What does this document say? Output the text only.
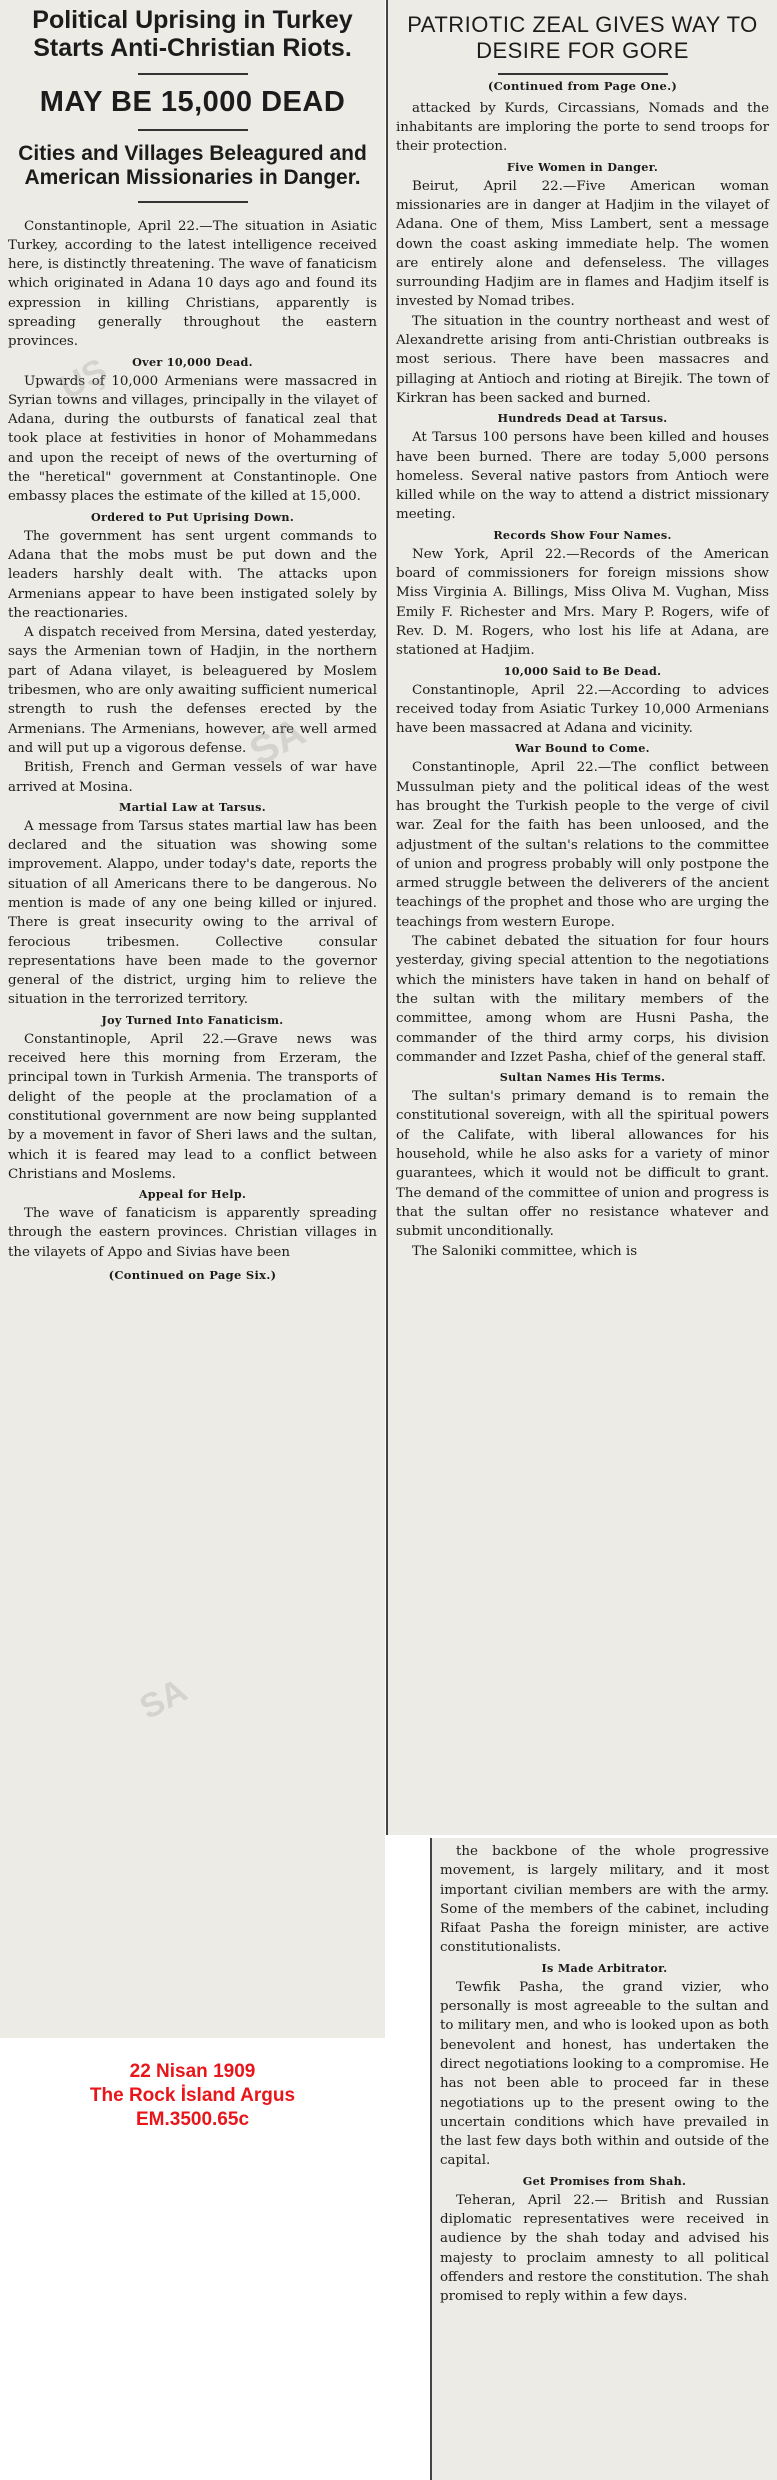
Political Uprising in Turkey Starts Anti-Christian Riots.
MAY BE 15,000 DEAD
Cities and Villages Beleagured and American Missionaries in Danger.

Constantinople, April 22.—The situation in Asiatic Turkey, according to the latest intelligence received here, is distinctly threatening. The wave of fanaticism which originated in Adana 10 days ago and found its expression in killing Christians, apparently is spreading generally throughout the eastern provinces.

Over 10,000 Dead.

Upwards of 10,000 Armenians were massacred in Syrian towns and villages, principally in the vilayet of Adana, during the outbursts of fanatical zeal that took place at festivities in honor of Mohammedans and upon the receipt of news of the overturning of the "heretical" government at Constantinople. One embassy places the estimate of the killed at 15,000.

Ordered to Put Uprising Down.

The government has sent urgent commands to Adana that the mobs must be put down and the leaders harshly dealt with. The attacks upon Armenians appear to have been instigated solely by the reactionaries.

A dispatch received from Mersina, dated yesterday, says the Armenian town of Hadjin, in the northern part of Adana vilayet, is beleaguered by Moslem tribesmen, who are only awaiting sufficient numerical strength to rush the defenses erected by the Armenians. The Armenians, however, are well armed and will put up a vigorous defense.

British, French and German vessels of war have arrived at Mosina.

Martial Law at Tarsus.

A message from Tarsus states martial law has been declared and the situation was showing some improvement. Alappo, under today's date, reports the situation of all Americans there to be dangerous. No mention is made of any one being killed or injured. There is great insecurity owing to the arrival of ferocious tribesmen. Collective consular representations have been made to the governor general of the district, urging him to relieve the situation in the terrorized territory.

Joy Turned Into Fanaticism.

Constantinople, April 22.—Grave news was received here this morning from Erzeram, the principal town in Turkish Armenia. The transports of delight of the people at the proclamation of a constitutional government are now being supplanted by a movement in favor of Sheri laws and the sultan, which it is feared may lead to a conflict between Christians and Moslems.

Appeal for Help.

The wave of fanaticism is apparently spreading through the eastern provinces. Christian villages in the vilayets of Appo and Sivias have been

(Continued on Page Six.)
PATRIOTIC ZEAL GIVES WAY TO DESIRE FOR GORE
(Continued from Page One.)

attacked by Kurds, Circassians, Nomads and the inhabitants are imploring the porte to send troops for their protection.

Five Women in Danger.

Beirut, April 22.—Five American woman missionaries are in danger at Hadjim in the vilayet of Adana. One of them, Miss Lambert, sent a message down the coast asking immediate help. The women are entirely alone and defenseless. The villages surrounding Hadjim are in flames and Hadjim itself is invested by Nomad tribes.

The situation in the country northeast and west of Alexandrette arising from anti-Christian outbreaks is most serious. There have been massacres and pillaging at Antioch and rioting at Birejik. The town of Kirkran has been sacked and burned.

Hundreds Dead at Tarsus.

At Tarsus 100 persons have been killed and houses have been burned. There are today 5,000 persons homeless. Several native pastors from Antioch were killed while on the way to attend a district missionary meeting.

Records Show Four Names.

New York, April 22.—Records of the American board of commissioners for foreign missions show Miss Virginia A. Billings, Miss Oliva M. Vughan, Miss Emily F. Richester and Mrs. Mary P. Rogers, wife of Rev. D. M. Rogers, who lost his life at Adana, are stationed at Hadjim.

10,000 Said to Be Dead.

Constantinople, April 22.—According to advices received today from Asiatic Turkey 10,000 Armenians have been massacred at Adana and vicinity.

War Bound to Come.

Constantinople, April 22.—The conflict between Mussulman piety and the political ideas of the west has brought the Turkish people to the verge of civil war. Zeal for the faith has been unloosed, and the adjustment of the sultan's relations to the committee of union and progress probably will only postpone the armed struggle between the deliverers of the ancient teachings of the prophet and those who are urging the teachings from western Europe.

The cabinet debated the situation for four hours yesterday, giving special attention to the negotiations which the ministers have taken in hand on behalf of the sultan with the military members of the committee, among whom are Husni Pasha, the commander of the third army corps, his division commander and Izzet Pasha, chief of the general staff.

Sultan Names His Terms.

The sultan's primary demand is to remain the constitutional sovereign, with all the spiritual powers of the Califate, with liberal allowances for his household, while he also asks for a variety of minor guarantees, which it would not be difficult to grant. The demand of the committee of union and progress is that the sultan offer no resistance whatever and submit unconditionally.

The Saloniki committee, which is

the backbone of the whole progressive movement, is largely military, and it most important civilian members are with the army. Some of the members of the cabinet, including Rifaat Pasha the foreign minister, are active constitutionalists.

Is Made Arbitrator.

Tewfik Pasha, the grand vizier, who personally is most agreeable to the sultan and to military men, and who is looked upon as both benevolent and honest, has undertaken the direct negotiations looking to a compromise. He has not been able to proceed far in these negotiations up to the present owing to the uncertain conditions which have prevailed in the last few days both within and outside of the capital.

Get Promises from Shah.

Teheran, April 22.— British and Russian diplomatic representatives were received in audience by the shah today and advised his majesty to proclaim amnesty to all political offenders and restore the constitution. The shah promised to reply within a few days.

UŞ
SA
SA
22 Nisan 1909
The Rock İsland Argus
EM.3500.65c
